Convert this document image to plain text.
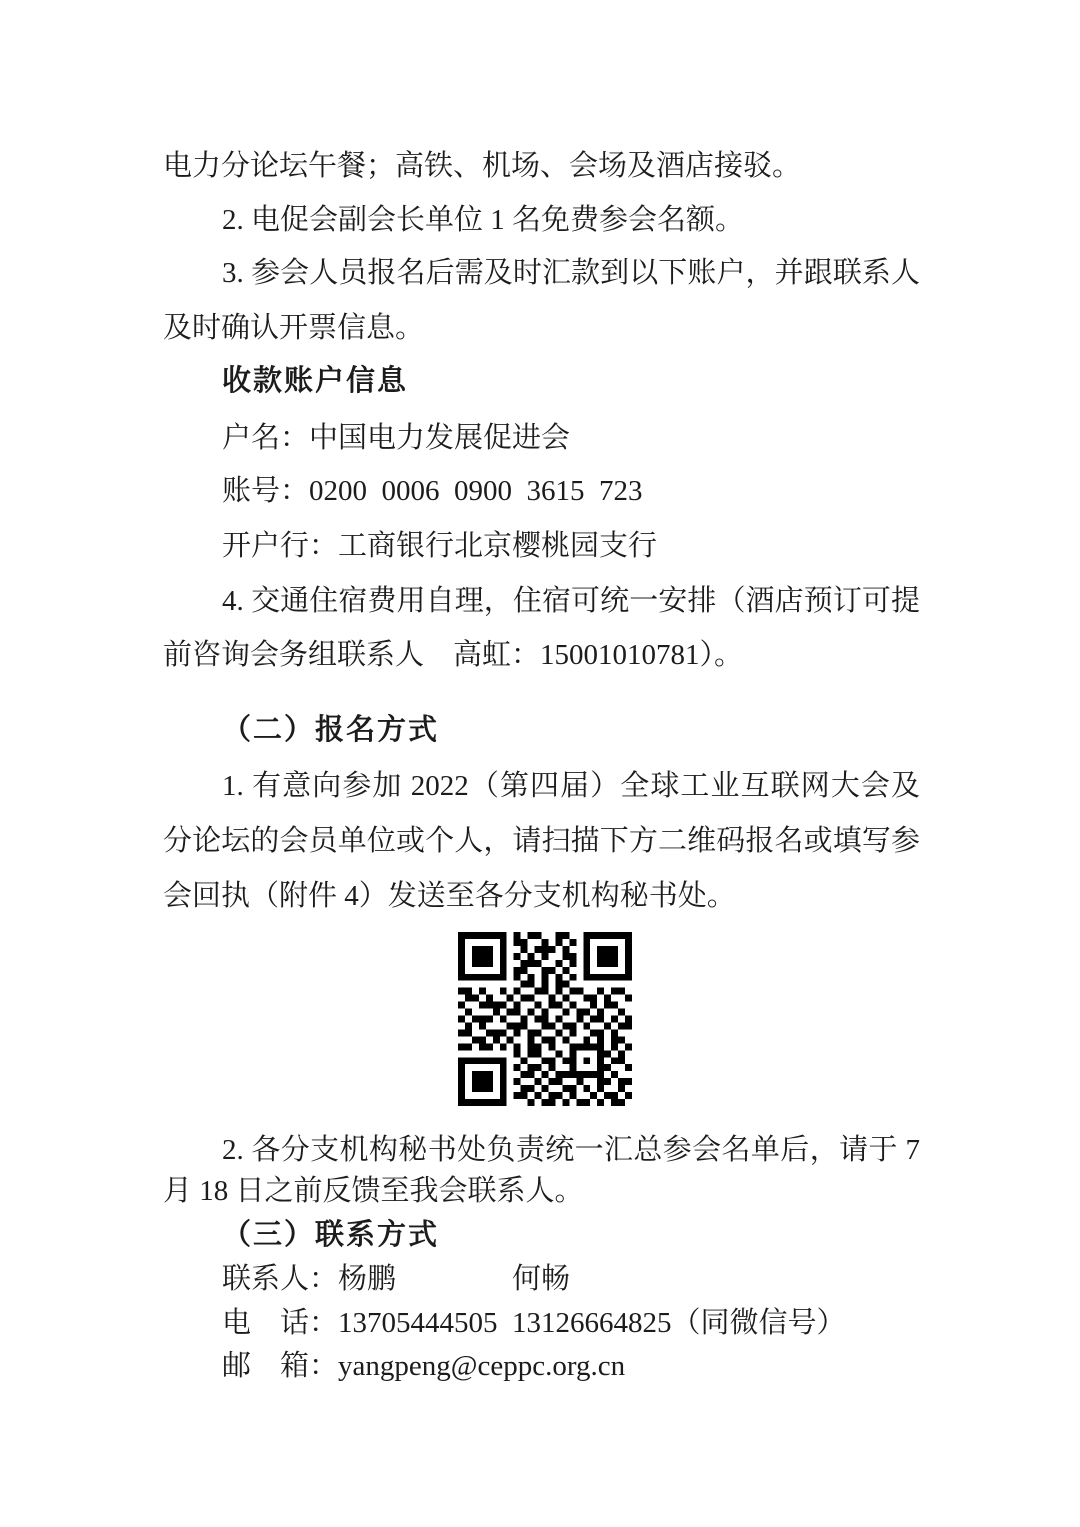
电力分论坛午餐；高铁、机场、会场及酒店接驳。
2. 电促会副会长单位 1 名免费参会名额。
3. 参会人员报名后需及时汇款到以下账户，并跟联系人
及时确认开票信息。
收款账户信息
户名：中国电力发展促进会
账号：0200  0006  0900  3615  723
开户行：工商银行北京樱桃园支行
4. 交通住宿费用自理，住宿可统一安排（酒店预订可提
前咨询会务组联系人　高虹：15001010781）。
（二）报名方式
1. 有意向参加 2022（第四届）全球工业互联网大会及
分论坛的会员单位或个人，请扫描下方二维码报名或填写参
会回执（附件 4）发送至各分支机构秘书处。
2. 各分支机构秘书处负责统一汇总参会名单后，请于 7
月 18 日之前反馈至我会联系人。
（三）联系方式
联系人：杨鹏　　　　何畅
电　话：13705444505  13126664825（同微信号）
邮　箱：yangpeng@ceppc.org.cn
